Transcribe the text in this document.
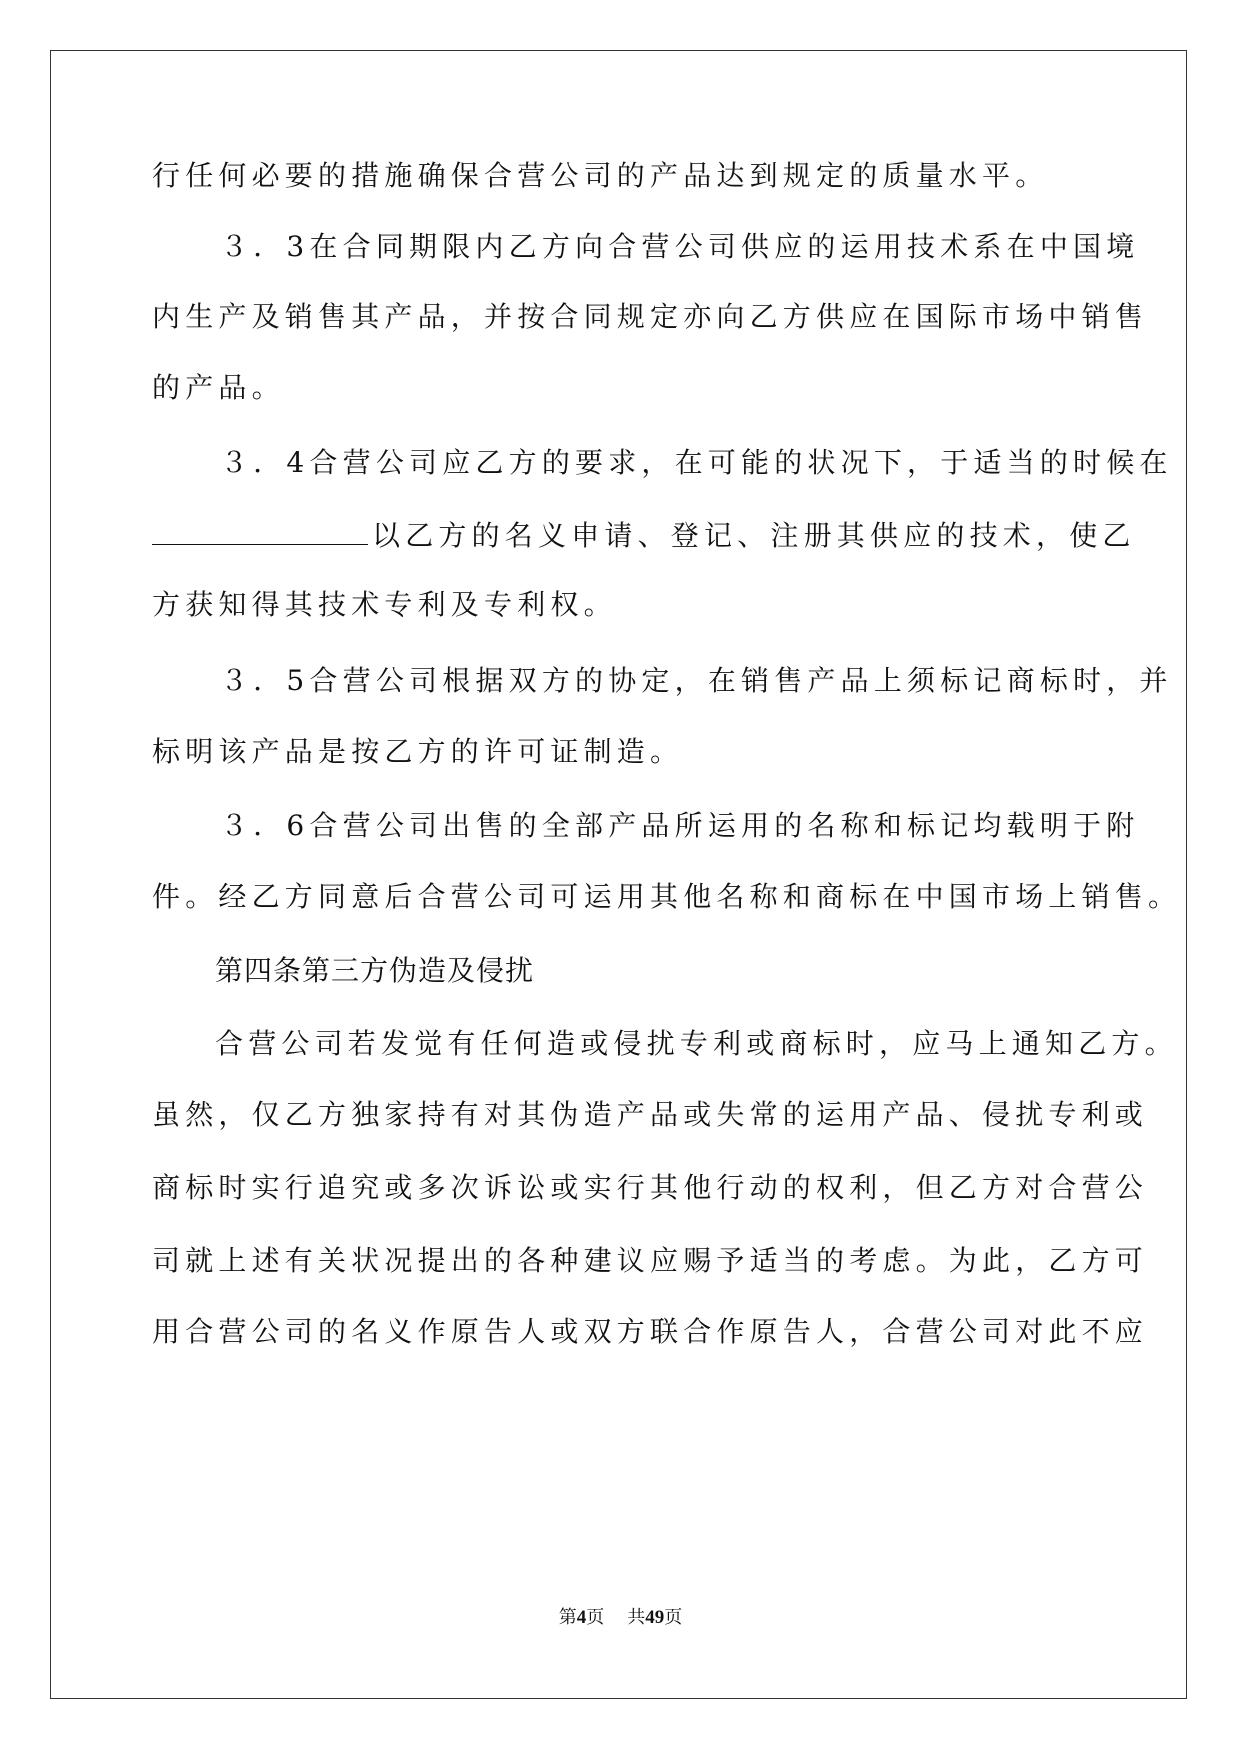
行任何必要的措施确保合营公司的产品达到规定的质量水平。
３．3在合同期限内乙方向合营公司供应的运用技术系在中国境
内生产及销售其产品，并按合同规定亦向乙方供应在国际市场中销售
的产品。
３．4合营公司应乙方的要求，在可能的状况下，于适当的时候在
以乙方的名义申请、登记、注册其供应的技术，使乙
方获知得其技术专利及专利权。
３．5合营公司根据双方的协定，在销售产品上须标记商标时，并
标明该产品是按乙方的许可证制造。
３．6合营公司出售的全部产品所运用的名称和标记均载明于附
件。经乙方同意后合营公司可运用其他名称和商标在中国市场上销售。
第四条第三方伪造及侵扰
合营公司若发觉有任何造或侵扰专利或商标时，应马上通知乙方。
虽然，仅乙方独家持有对其伪造产品或失常的运用产品、侵扰专利或
商标时实行追究或多次诉讼或实行其他行动的权利，但乙方对合营公
司就上述有关状况提出的各种建议应赐予适当的考虑。为此，乙方可
用合营公司的名义作原告人或双方联合作原告人，合营公司对此不应
第4页 共49页
